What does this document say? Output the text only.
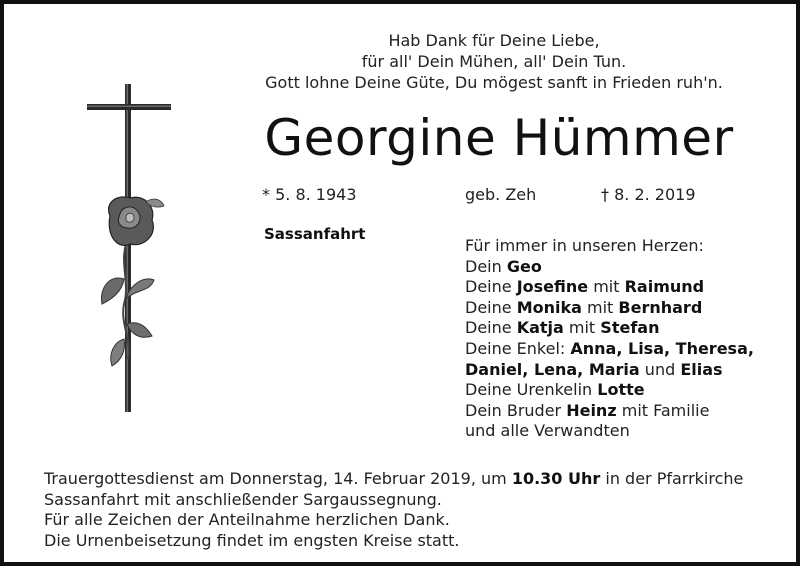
Hab Dank für Deine Liebe,
für all' Dein Mühen, all' Dein Tun.
Gott lohne Deine Güte, Du mögest sanft in Frieden ruh'n.
Georgine Hümmer
* 5. 8. 1943	geb. Zeh	† 8. 2. 2019
Sassanfahrt
Für immer in unseren Herzen:
Dein Geo
Deine Josefine mit Raimund
Deine Monika mit Bernhard
Deine Katja mit Stefan
Deine Enkel: Anna, Lisa, Theresa,
Daniel, Lena, Maria und Elias
Deine Urenkelin Lotte
Dein Bruder Heinz mit Familie
und alle Verwandten
Trauergottesdienst am Donnerstag, 14. Februar 2019, um 10.30 Uhr in der Pfarrkirche
Sassanfahrt mit anschließender Sargaussegnung.
Für alle Zeichen der Anteilnahme herzlichen Dank.
Die Urnenbeisetzung findet im engsten Kreise statt.
